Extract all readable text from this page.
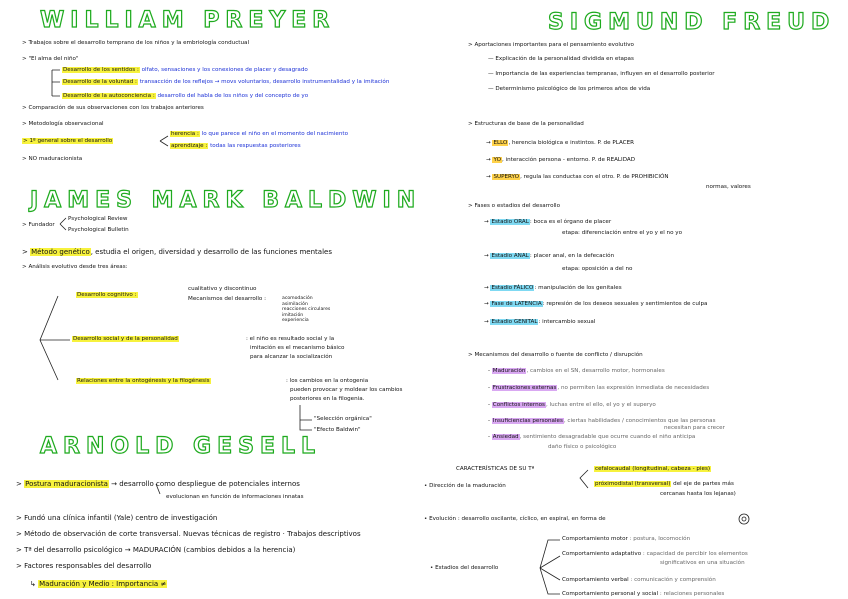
WILLIAM PREYER	SIGMUND FREUD
JAMES MARK BALDWIN
ARNOLD GESELL
> Trabajos sobre el desarrollo temprano de los niños y la embriología conductual
> "El alma del niño"
Desarrollo de los sentidos : olfato, sensaciones y los conexiones de placer y desagrado
Desarrollo de la voluntad : transacción de los reflejos → movs voluntarios, desarrollo instrumentalidad y la imitación
Desarrollo de la autoconciencia : desarrollo del habla de los niños y del concepto de yo
> Comparación de sus observaciones con los trabajos anteriores
> Metodología observacional
> 1º general sobre el desarrollo
herencia : lo que parece el niño en el momento del nacimiento
aprendizaje : todas las respuestas posteriores
> NO maduracionista
> Fundador
Psychological Review
Psychological Bulletin
> Método genético, estudia el origen, diversidad y desarrollo de las funciones mentales
> Análisis evolutivo desde tres áreas:
Desarrollo cognitivo :
cualitativo y discontinuo
Mecanismos del desarrollo :	acomodación
asimilación
reacciones circulares
imitación
experiencia
Desarrollo social y de la personalidad	: el niño es resultado social y la
imitación es el mecanismo básico
para alcanzar la socialización
Relaciones entre la ontogénesis y la filogénesis	: los cambios en la ontogenia
pueden provocar y moldear los cambios
posteriores en la filogenia.
"Selección orgánica"
"Efecto Baldwin"
> Postura maduracionista → desarrollo como despliegue de potenciales internos
evolucionan en función de informaciones innatas
> Fundó una clínica infantil (Yale) centro de investigación
> Método de observación de corte transversal. Nuevas técnicas de registro · Trabajos descriptivos
> Tª del desarrollo psicológico → MADURACIÓN (cambios debidos a la herencia)
> Factores responsables del desarrollo
↳ Maduración y Medio : Importancia ≠
> Aportaciones importantes para el pensamiento evolutivo
— Explicación de la personalidad dividida en etapas
— Importancia de las experiencias tempranas, influyen en el desarrollo posterior
— Determinismo psicológico de los primeros años de vida
> Estructuras de base de la personalidad
→ ELLO, herencia biológica e instintos. P. de PLACER
→ YO, interacción persona - entorno. P. de REALIDAD
→ SUPERYO, regula las conductas con el otro. P. de PROHIBICIÓN
normas, valores
> Fases o estadios del desarrollo
→ Estadio ORAL: boca es el órgano de placer
etapa: diferenciación entre el yo y el no yo
→ Estadio ANAL: placer anal, en la defecación
etapa: oposición a del no
→ Estadio FÁLICO: manipulación de los genitales
→ Fase de LATENCIA: represión de los deseos sexuales y sentimientos de culpa
→ Estadio GENITAL: intercambio sexual
> Mecanismos del desarrollo o fuente de conflicto / disrupción
- Maduración, cambios en el SN, desarrollo motor, hormonales
- Frustraciones externas, no permiten las expresión inmediata de necesidades
- Conflictos internos, luchas entre el ello, el yo y el superyo
- Insuficiencias personales, ciertas habilidades / conocimientos que las personas
necesitan para crecer
- Ansiedad, sentimiento desagradable que ocurre cuando el niño anticipa
daño físico o psicológico
CARACTERÍSTICAS DE SU Tª
• Dirección de la maduración
cefalocaudal (longitudinal, cabeza - pies)
próximodistal (transversal) del eje de partes más
cercanas hasta los lejanas)
• Evolución : desarrollo oscilante, cíclico, en espiral, en forma de
• Estadios del desarrollo
Comportamiento motor : postura, locomoción
Comportamiento adaptativo : capacidad de percibir los elementos
significativos en una situación
Comportamiento verbal : comunicación y comprensión
Comportamiento personal y social : relaciones personales
